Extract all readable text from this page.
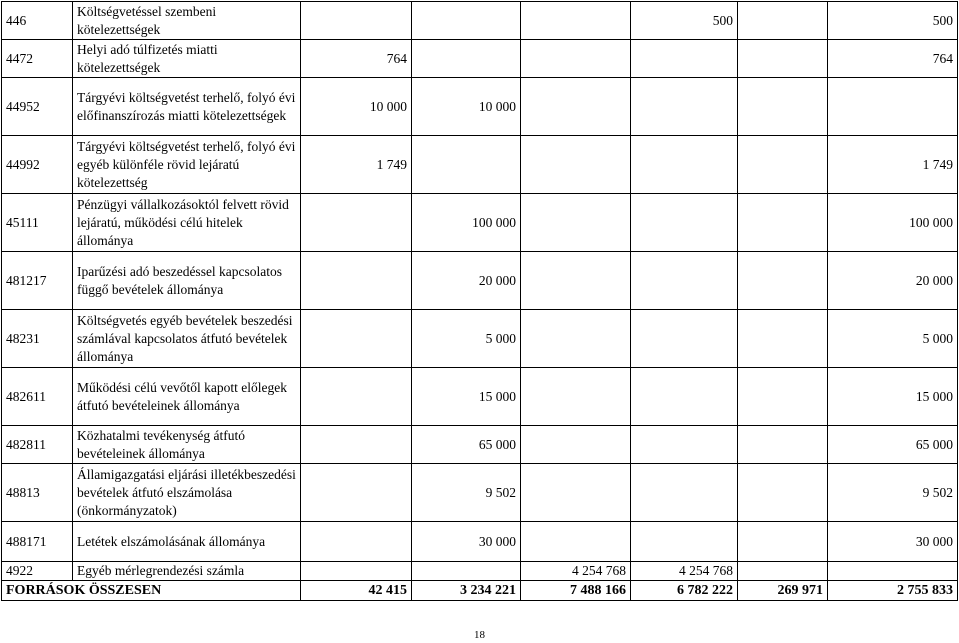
446	Költségvetéssel szembeni kötelezettségek				500		500
4472	Helyi adó túlfizetés miatti kötelezettségek	764					764
44952	Tárgyévi költségvetést terhelő, folyó évi előfinanszírozás miatti kötelezettségek	10 000	10 000				
44992	Tárgyévi költségvetést terhelő, folyó évi egyéb különféle rövid lejáratú kötelezettség	1 749					1 749
45111	Pénzügyi vállalkozásoktól felvett rövid lejáratú, működési célú hitelek állománya		100 000				100 000
481217	Iparűzési adó beszedéssel kapcsolatos függő bevételek állománya		20 000				20 000
48231	Költségvetés egyéb bevételek beszedési számlával kapcsolatos átfutó bevételek állománya		5 000				5 000
482611	Működési célú vevőtől kapott előlegek átfutó bevételeinek állománya		15 000				15 000
482811	Közhatalmi tevékenység átfutó bevételeinek állománya		65 000				65 000
48813	Államigazgatási eljárási illetékbeszedési bevételek átfutó elszámolása (önkormányzatok)		9 502				9 502
488171	Letétek elszámolásának állománya		30 000				30 000
4922	Egyéb mérlegrendezési számla			4 254 768	4 254 768		
FORRÁSOK ÖSSZESEN		42 415	3 234 221	7 488 166	6 782 222	269 971	2 755 833
18
